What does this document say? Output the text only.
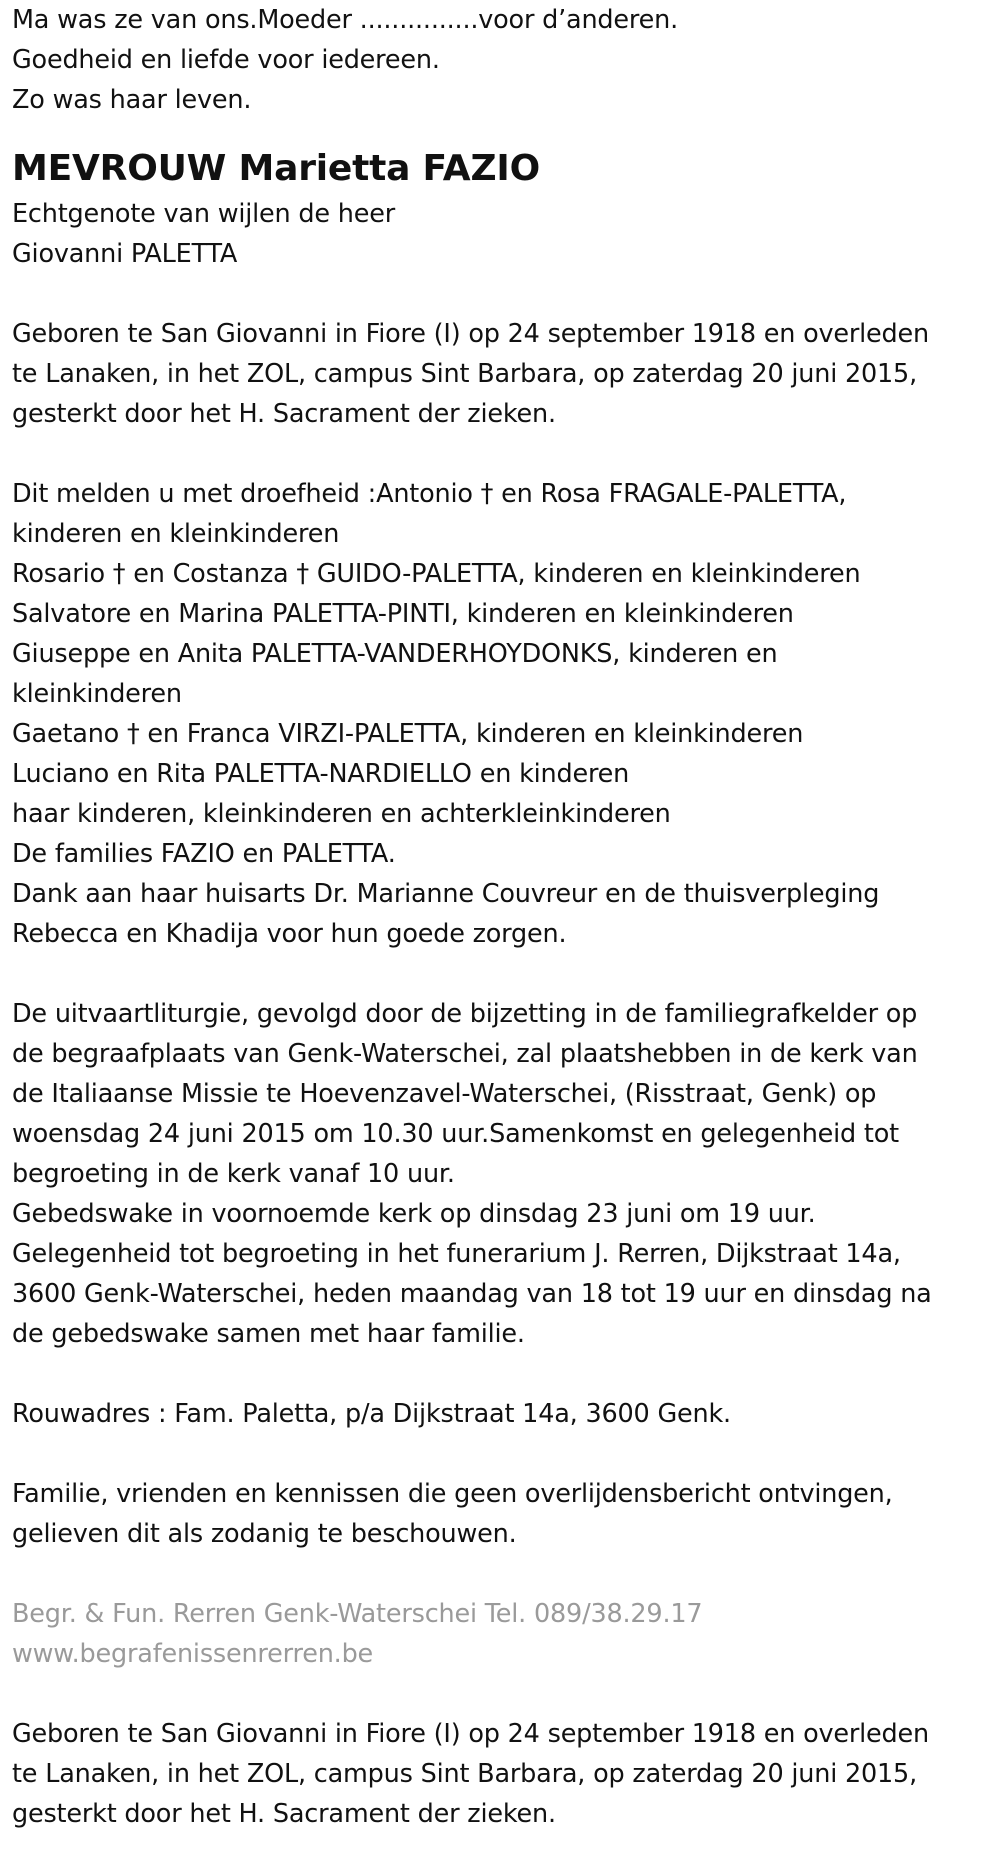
Ma was ze van ons.Moeder ...............voor d’anderen.
Goedheid en liefde voor iedereen.
Zo was haar leven.
MEVROUW Marietta FAZIO
Echtgenote van wijlen de heer
Giovanni PALETTA
Geboren te San Giovanni in Fiore (I) op 24 september 1918 en overleden
te Lanaken, in het ZOL, campus Sint Barbara, op zaterdag 20 juni 2015,
gesterkt door het H. Sacrament der zieken.
Dit melden u met droefheid :Antonio † en Rosa FRAGALE-PALETTA,
kinderen en kleinkinderen
Rosario † en Costanza † GUIDO-PALETTA, kinderen en kleinkinderen
Salvatore en Marina PALETTA-PINTI, kinderen en kleinkinderen
Giuseppe en Anita PALETTA-VANDERHOYDONKS, kinderen en
kleinkinderen
Gaetano † en Franca VIRZI-PALETTA, kinderen en kleinkinderen
Luciano en Rita PALETTA-NARDIELLO en kinderen
haar kinderen, kleinkinderen en achterkleinkinderen
De families FAZIO en PALETTA.
Dank aan haar huisarts Dr. Marianne Couvreur en de thuisverpleging
Rebecca en Khadija voor hun goede zorgen.
De uitvaartliturgie, gevolgd door de bijzetting in de familiegrafkelder op
de begraafplaats van Genk-Waterschei, zal plaatshebben in de kerk van
de Italiaanse Missie te Hoevenzavel-Waterschei, (Risstraat, Genk) op
woensdag 24 juni 2015 om 10.30 uur.Samenkomst en gelegenheid tot
begroeting in de kerk vanaf 10 uur.
Gebedswake in voornoemde kerk op dinsdag 23 juni om 19 uur.
Gelegenheid tot begroeting in het funerarium J. Rerren, Dijkstraat 14a,
3600 Genk-Waterschei, heden maandag van 18 tot 19 uur en dinsdag na
de gebedswake samen met haar familie.
Rouwadres : Fam. Paletta, p/a Dijkstraat 14a, 3600 Genk.
Familie, vrienden en kennissen die geen overlijdensbericht ontvingen,
gelieven dit als zodanig te beschouwen.
Begr. & Fun. Rerren Genk-Waterschei Tel. 089/38.29.17
www.begrafenissenrerren.be
Geboren te San Giovanni in Fiore (I) op 24 september 1918 en overleden
te Lanaken, in het ZOL, campus Sint Barbara, op zaterdag 20 juni 2015,
gesterkt door het H. Sacrament der zieken.
